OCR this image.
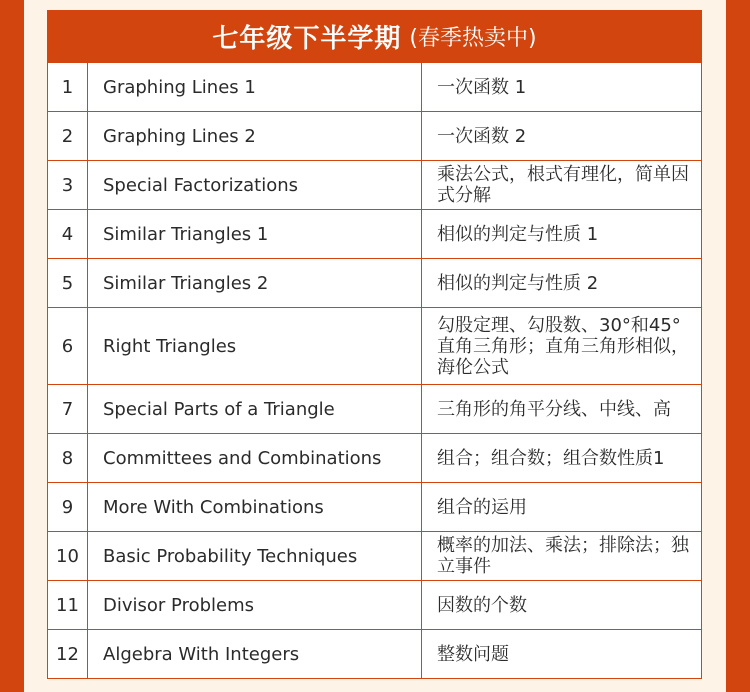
七年级下半学期 (春季热卖中)
1	Graphing Lines 1	一次函数 1
2	Graphing Lines 2	一次函数 2
3	Special Factorizations	乘法公式，根式有理化，简单因式分解
4	Similar Triangles 1	相似的判定与性质 1
5	Similar Triangles 2	相似的判定与性质 2
6	Right Triangles	勾股定理、勾股数、30°和45°直角三角形；直角三角形相似，海伦公式
7	Special Parts of a Triangle	三角形的角平分线、中线、高
8	Committees and Combinations	组合；组合数；组合数性质1
9	More With Combinations	组合的运用
10	Basic Probability Techniques	概率的加法、乘法；排除法；独立事件
11	Divisor Problems	因数的个数
12	Algebra With Integers	整数问题
